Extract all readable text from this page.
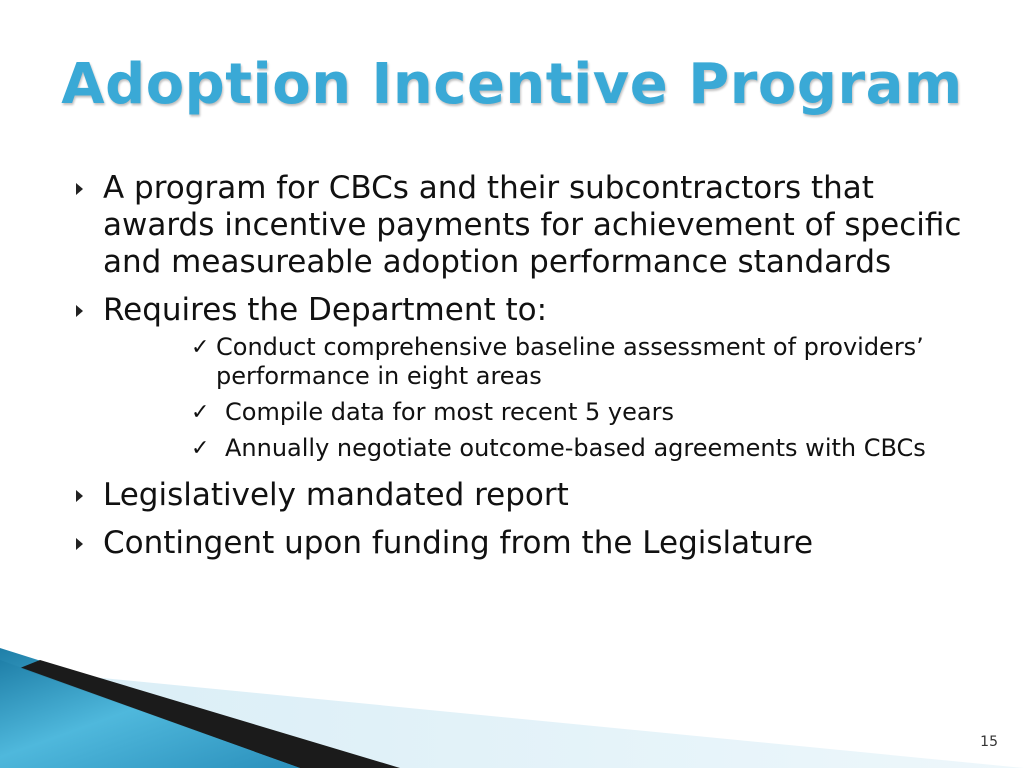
Adoption Incentive Program
A program for CBCs and their subcontractors that awards incentive payments for achievement of specific and measureable adoption performance standards
Requires the Department to:
✓ Conduct comprehensive baseline assessment of providers’ performance in eight areas
✓ Compile data for most recent 5 years
✓ Annually negotiate outcome-based agreements with CBCs
Legislatively mandated report
Contingent upon funding from the Legislature
15
